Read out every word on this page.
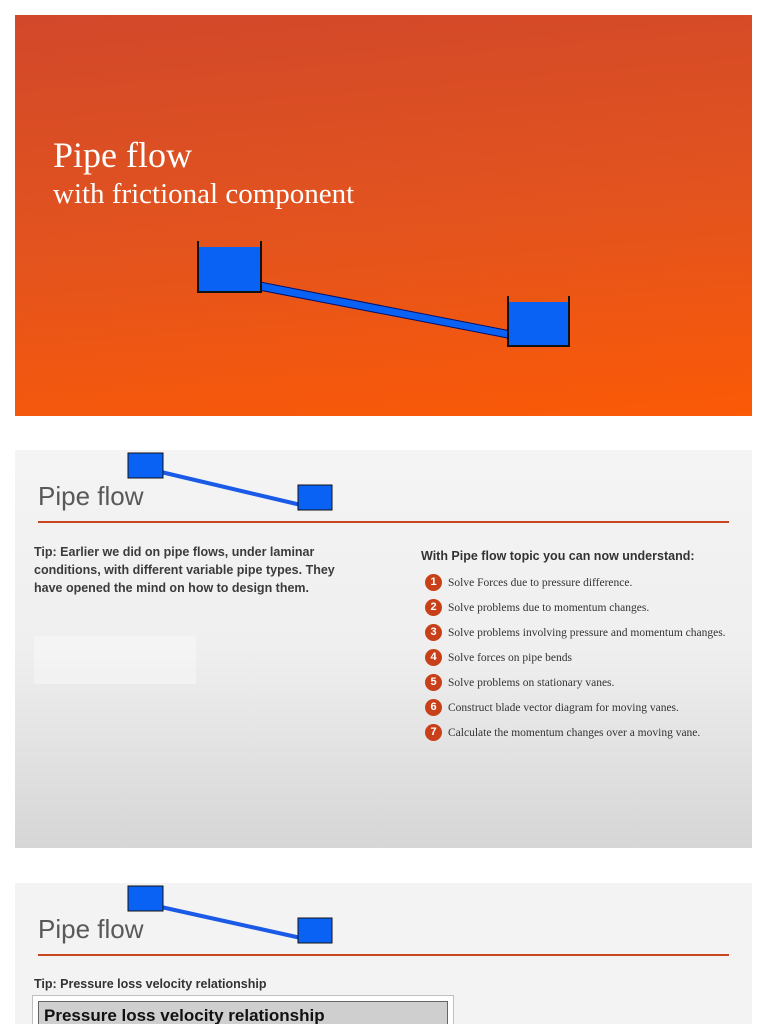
Pipe flow
with frictional component
Pipe flow

Tip: Earlier we did on pipe flows, under laminar conditions, with different variable pipe types. They have opened the mind on how to design them.

With Pipe flow topic you can now understand:

1 Solve Forces due to pressure difference.
2 Solve problems due to momentum changes.
3 Solve problems involving pressure and momentum changes.
4 Solve forces on pipe bends
5 Solve problems on stationary vanes.
6 Construct blade vector diagram for moving vanes.
7 Calculate the momentum changes over a moving vane.
Pipe flow

Tip: Pressure loss velocity relationship

Pressure loss velocity relationship
